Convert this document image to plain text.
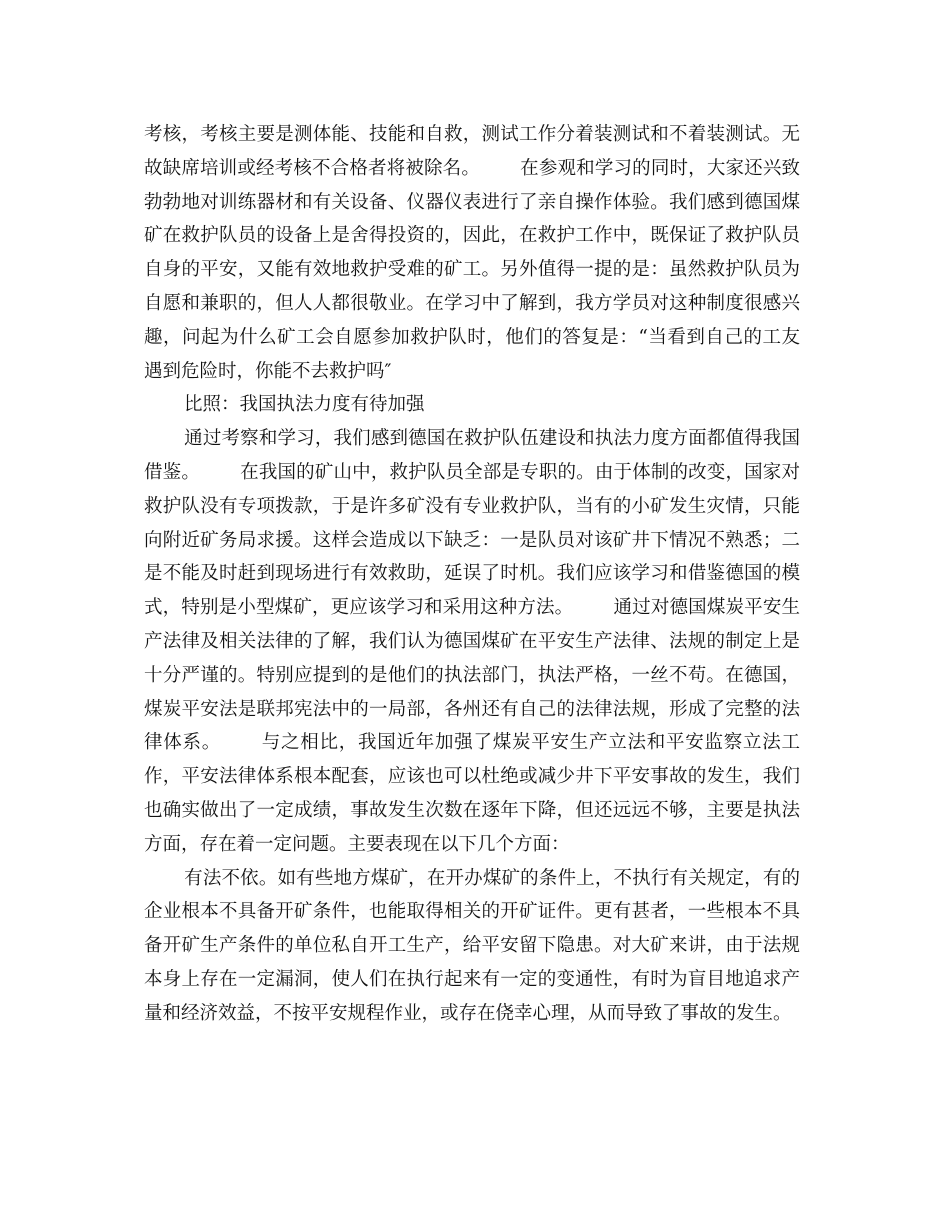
考核，考核主要是测体能、技能和自救，测试工作分着装测试和不着装测试。无故缺席培训或经考核不合格者将被除名。 在参观和学习的同时，大家还兴致勃勃地对训练器材和有关设备、仪器仪表进行了亲自操作体验。我们感到德国煤矿在救护队员的设备上是舍得投资的，因此，在救护工作中，既保证了救护队员自身的平安，又能有效地救护受难的矿工。另外值得一提的是：虽然救护队员为自愿和兼职的，但人人都很敬业。在学习中了解到，我方学员对这种制度很感兴趣，问起为什么矿工会自愿参加救护队时，他们的答复是：“当看到自己的工友遇到危险时，你能不去救护吗″

比照：我国执法力度有待加强

通过考察和学习，我们感到德国在救护队伍建设和执法力度方面都值得我国借鉴。 在我国的矿山中，救护队员全部是专职的。由于体制的改变，国家对救护队没有专项拨款，于是许多矿没有专业救护队，当有的小矿发生灾情，只能向附近矿务局求援。这样会造成以下缺乏：一是队员对该矿井下情况不熟悉；二是不能及时赶到现场进行有效救助，延误了时机。我们应该学习和借鉴德国的模式，特别是小型煤矿，更应该学习和采用这种方法。 通过对德国煤炭平安生产法律及相关法律的了解，我们认为德国煤矿在平安生产法律、法规的制定上是十分严谨的。特别应提到的是他们的执法部门，执法严格，一丝不苟。在德国，煤炭平安法是联邦宪法中的一局部，各州还有自己的法律法规，形成了完整的法律体系。 与之相比，我国近年加强了煤炭平安生产立法和平安监察立法工作，平安法律体系根本配套，应该也可以杜绝或减少井下平安事故的发生，我们也确实做出了一定成绩，事故发生次数在逐年下降，但还远远不够，主要是执法方面，存在着一定问题。主要表现在以下几个方面：

有法不依。如有些地方煤矿，在开办煤矿的条件上，不执行有关规定，有的企业根本不具备开矿条件，也能取得相关的开矿证件。更有甚者，一些根本不具备开矿生产条件的单位私自开工生产，给平安留下隐患。对大矿来讲，由于法规本身上存在一定漏洞，使人们在执行起来有一定的变通性，有时为盲目地追求产量和经济效益，不按平安规程作业，或存在侥幸心理，从而导致了事故的发生。
